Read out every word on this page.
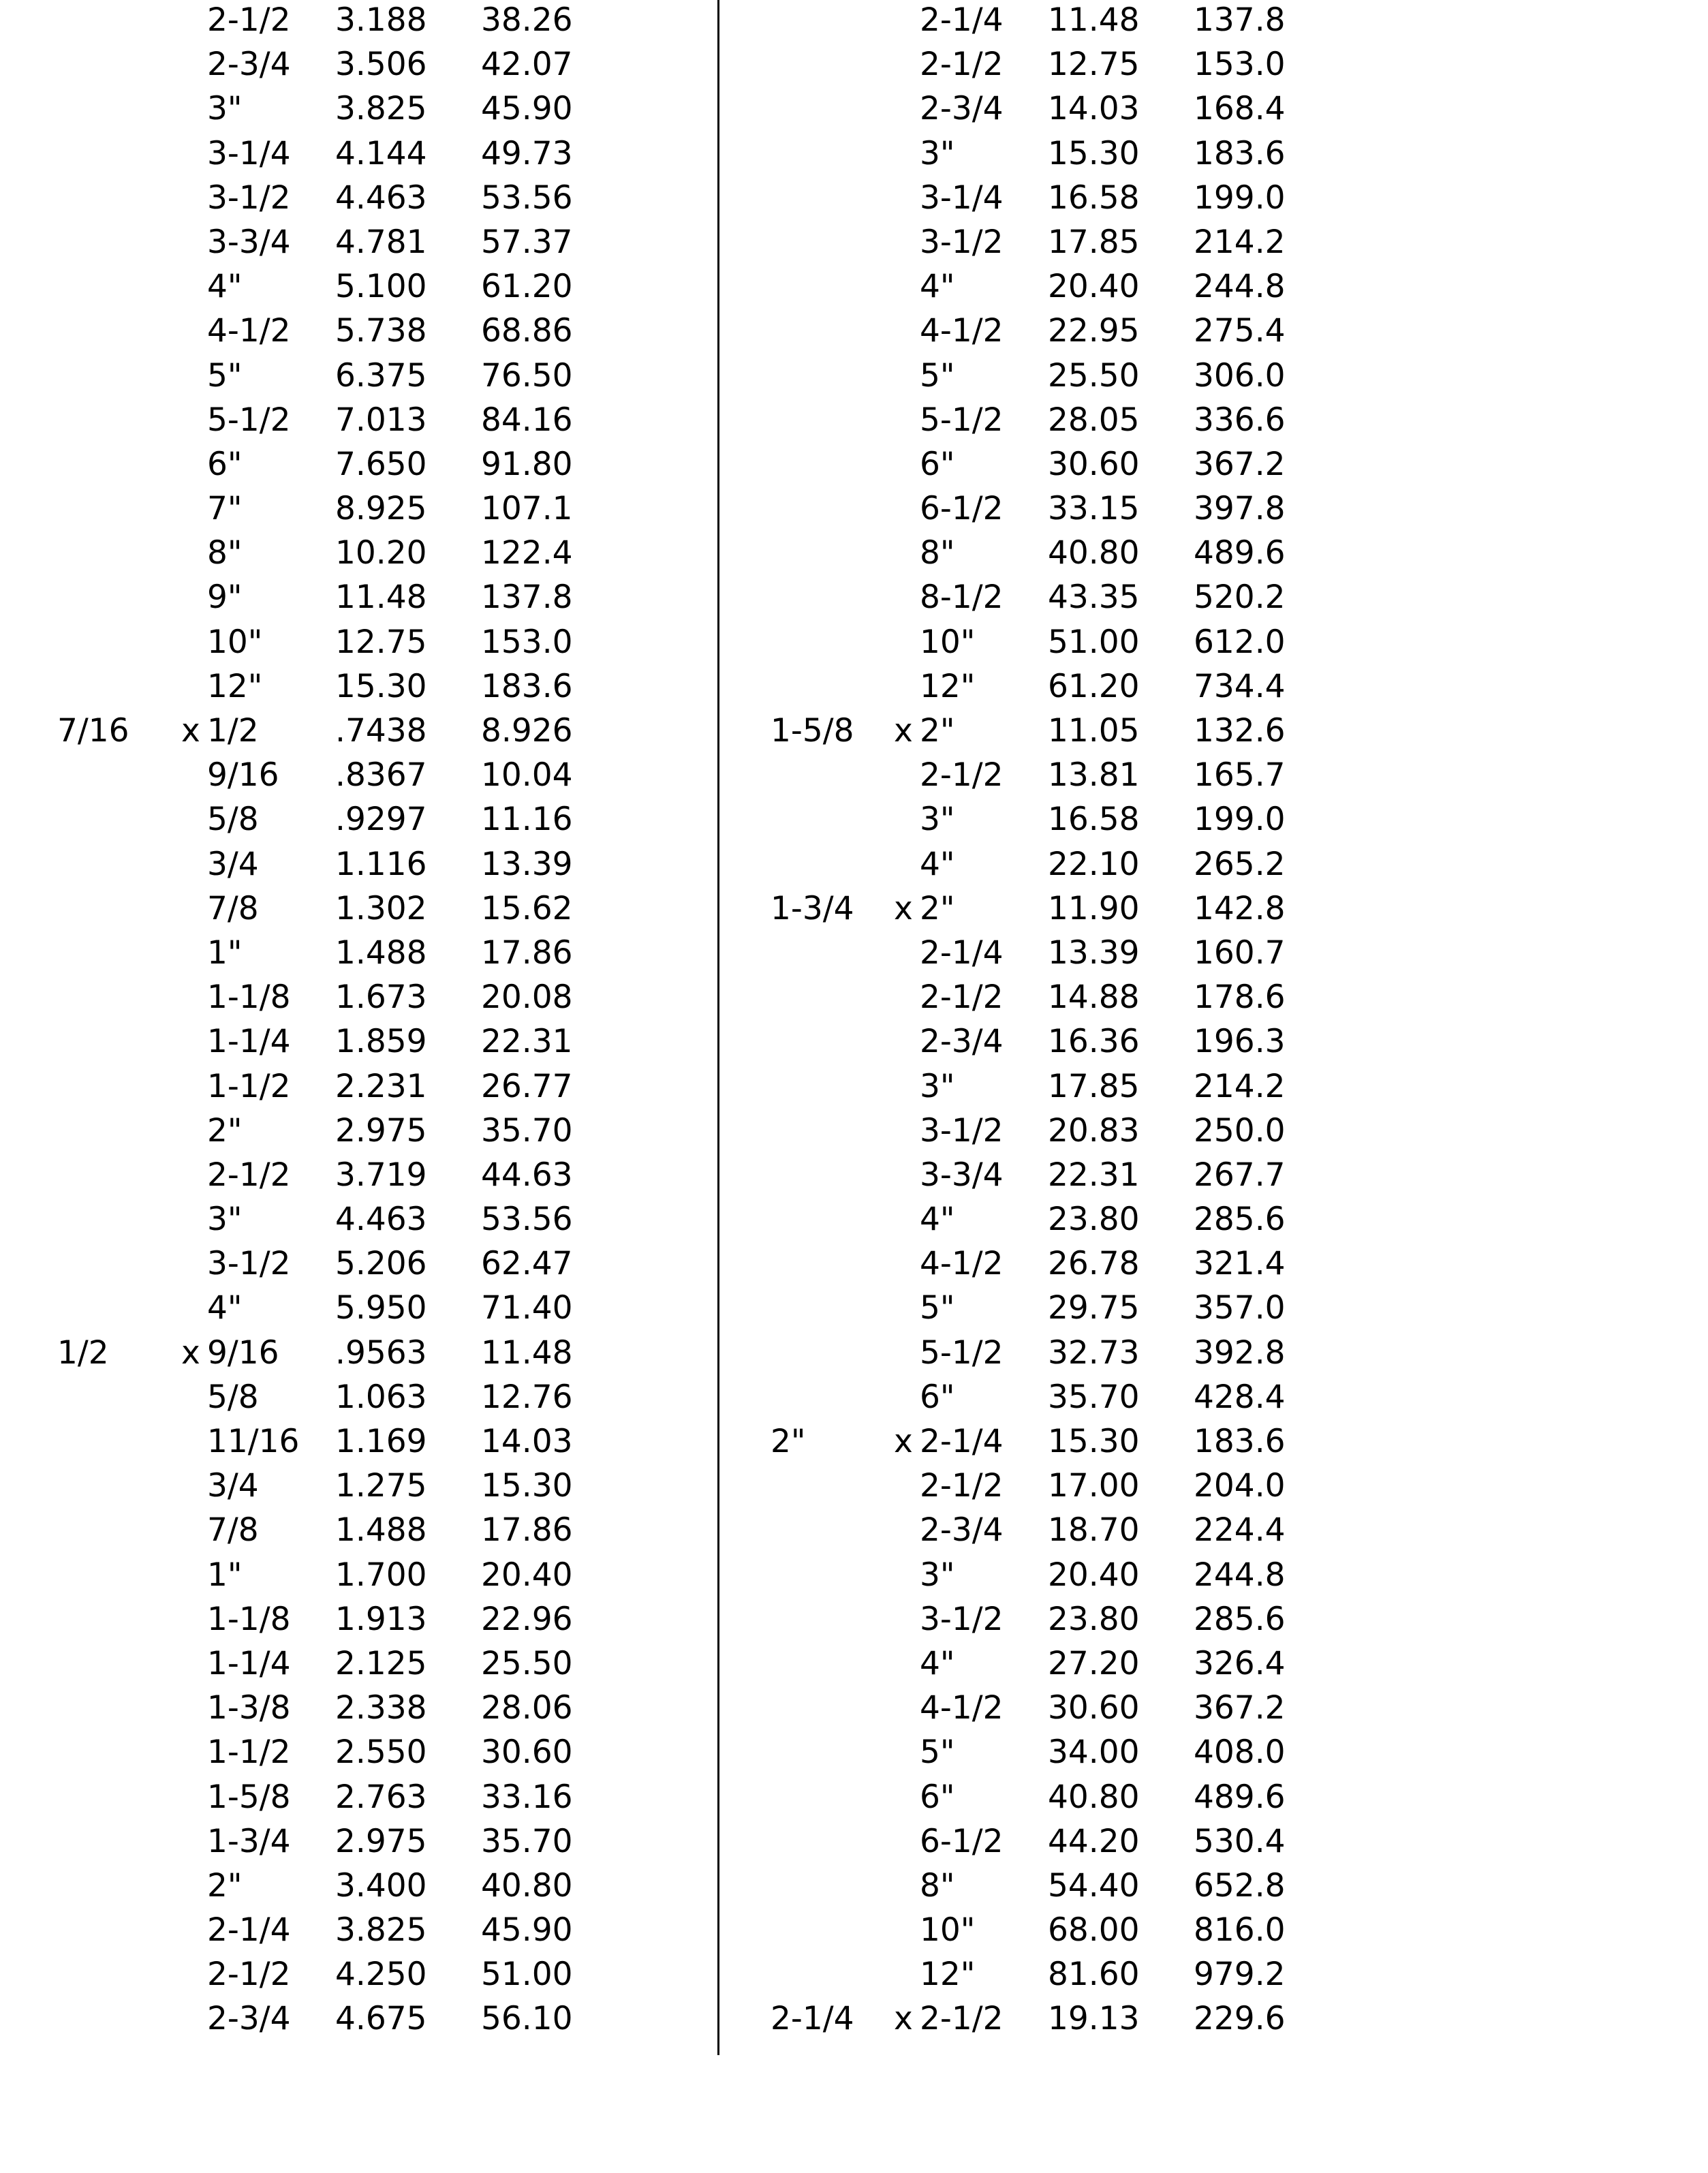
2-1/2 3.188 38.26
2-3/4 3.506 42.07
3"	3.825 45.90
3-1/4 4.144 49.73
3-1/2 4.463 53.56
3-3/4 4.781 57.37
4"	5.100 61.20
4-1/2 5.738 68.86
5"	6.375 76.50
5-1/2 7.013 84.16
6"	7.650 91.80
7"	8.925 107.1
8"	10.20 122.4
9"	11.48 137.8
10" 12.75 153.0
12" 15.30 183.6
7/16 x 1/2 .7438 8.926
9/16 .8367 10.04
5/8 .9297 11.16
3/4 1.116 13.39
7/8 1.302 15.62
1"	1.488 17.86
1-1/8 1.673 20.08
1-1/4 1.859 22.31
1-1/2 2.231 26.77
2"	2.975 35.70
2-1/2 3.719 44.63
3"	4.463 53.56
3-1/2 5.206 62.47
4"	5.950 71.40
1/2 x 9/16 .9563 11.48
5/8 1.063 12.76
11/16 1.169 14.03
3/4 1.275 15.30
7/8 1.488 17.86
1"	1.700 20.40
1-1/8 1.913 22.96
1-1/4 2.125 25.50
1-3/8 2.338 28.06
1-1/2 2.550 30.60
1-5/8 2.763 33.16
1-3/4 2.975 35.70
2"	3.400 40.80
2-1/4 3.825 45.90
2-1/2 4.250 51.00
2-3/4 4.675 56.10
2-1/4 11.48 137.8
2-1/2 12.75 153.0
2-3/4 14.03 168.4
3"	15.30 183.6
3-1/4 16.58 199.0
3-1/2 17.85 214.2
4"	20.40 244.8
4-1/2 22.95 275.4
5"	25.50 306.0
5-1/2 28.05 336.6
6"	30.60 367.2
6-1/2 33.15 397.8
8"	40.80 489.6
8-1/2 43.35 520.2
10" 51.00 612.0
12" 61.20 734.4
1-5/8 x 2"	11.05 132.6
2-1/2 13.81 165.7
3"	16.58 199.0
4"	22.10 265.2
1-3/4 x 2"	11.90 142.8
2-1/4 13.39 160.7
2-1/2 14.88 178.6
2-3/4 16.36 196.3
3"	17.85 214.2
3-1/2 20.83 250.0
3-3/4 22.31 267.7
4"	23.80 285.6
4-1/2 26.78 321.4
5"	29.75 357.0
5-1/2 32.73 392.8
6"	35.70 428.4
2"	x 2-1/4 15.30 183.6
2-1/2 17.00 204.0
2-3/4 18.70 224.4
3"	20.40 244.8
3-1/2 23.80 285.6
4"	27.20 326.4
4-1/2 30.60 367.2
5"	34.00 408.0
6"	40.80 489.6
6-1/2 44.20 530.4
8"	54.40 652.8
10" 68.00 816.0
12" 81.60 979.2
2-1/4 x 2-1/2 19.13 229.6
